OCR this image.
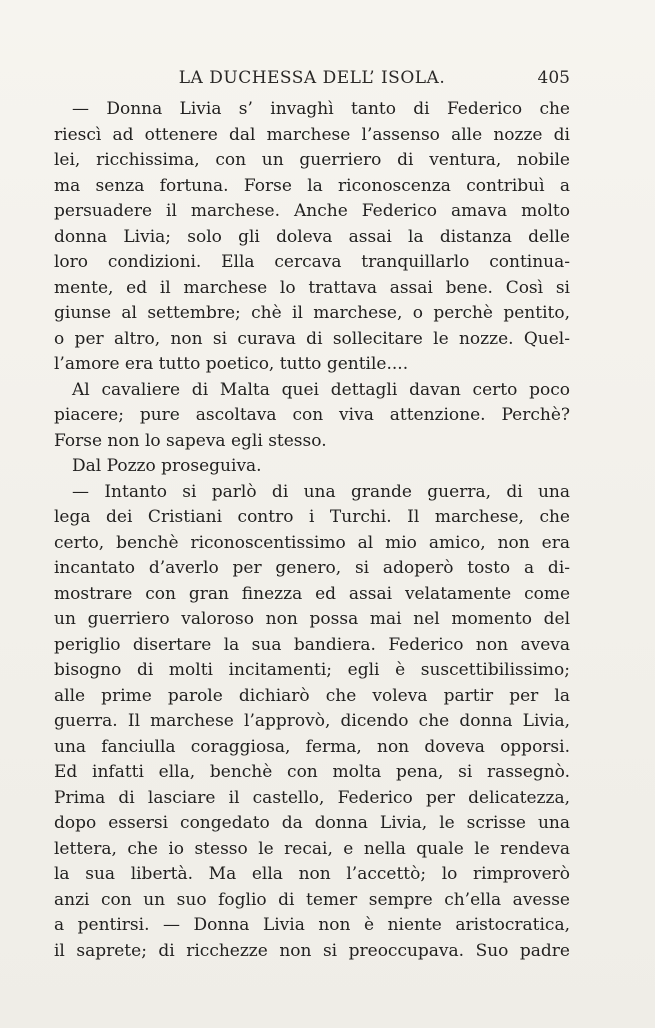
LA DUCHESSA DELL’ ISOLA.	405
— Donna Livia s’ invaghì tanto di Federico che
riescì ad ottenere dal marchese l’assenso alle nozze di
lei, ricchissima, con un guerriero di ventura, nobile
ma senza fortuna. Forse la riconoscenza contribuì a
persuadere il marchese. Anche Federico amava molto
donna Livia; solo gli doleva assai la distanza delle
loro condizioni. Ella cercava tranquillarlo continua-
mente, ed il marchese lo trattava assai bene. Così si
giunse al settembre; chè il marchese, o perchè pentito,
o per altro, non si curava di sollecitare le nozze. Quel-
l’amore era tutto poetico, tutto gentile....
Al cavaliere di Malta quei dettagli davan certo poco
piacere; pure ascoltava con viva attenzione. Perchè?
Forse non lo sapeva egli stesso.
Dal Pozzo proseguiva.
— Intanto si parlò di una grande guerra, di una
lega dei Cristiani contro i Turchi. Il marchese, che
certo, benchè riconoscentissimo al mio amico, non era
incantato d’averlo per genero, si adoperò tosto a di-
mostrare con gran finezza ed assai velatamente come
un guerriero valoroso non possa mai nel momento del
periglio disertare la sua bandiera. Federico non aveva
bisogno di molti incitamenti; egli è suscettibilissimo;
alle prime parole dichiarò che voleva partir per la
guerra. Il marchese l’approvò, dicendo che donna Livia,
una fanciulla coraggiosa, ferma, non doveva opporsi.
Ed infatti ella, benchè con molta pena, si rassegnò.
Prima di lasciare il castello, Federico per delicatezza,
dopo essersi congedato da donna Livia, le scrisse una
lettera, che io stesso le recai, e nella quale le rendeva
la sua libertà. Ma ella non l’accettò; lo rimproverò
anzi con un suo foglio di temer sempre ch’ella avesse
a pentirsi. — Donna Livia non è niente aristocratica,
il saprete; di ricchezze non si preoccupava. Suo padre
